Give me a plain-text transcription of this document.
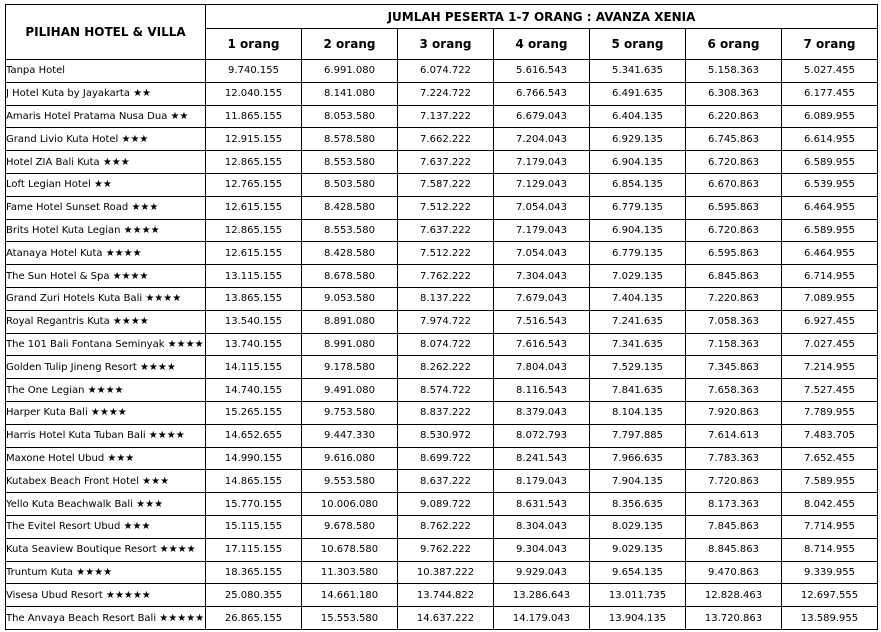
PILIHAN HOTEL & VILLA	JUMLAH PESERTA 1-7 ORANG : AVANZA XENIA						
	1 orang	2 orang	3 orang	4 orang	5 orang	6 orang	7 orang
Tanpa Hotel	9.740.155	6.991.080	6.074.722	5.616.543	5.341.635	5.158.363	5.027.455
J Hotel Kuta by Jayakarta ★★	12.040.155	8.141.080	7.224.722	6.766.543	6.491.635	6.308.363	6.177.455
Amaris Hotel Pratama Nusa Dua ★★	11.865.155	8.053.580	7.137.222	6.679.043	6.404.135	6.220.863	6.089.955
Grand Livio Kuta Hotel ★★★	12.915.155	8.578.580	7.662.222	7.204.043	6.929.135	6.745.863	6.614.955
Hotel ZIA Bali Kuta ★★★	12.865.155	8.553.580	7.637.222	7.179.043	6.904.135	6.720.863	6.589.955
Loft Legian Hotel ★★	12.765.155	8.503.580	7.587.222	7.129.043	6.854.135	6.670.863	6.539.955
Fame Hotel Sunset Road ★★★	12.615.155	8.428.580	7.512.222	7.054.043	6.779.135	6.595.863	6.464.955
Brits Hotel Kuta Legian ★★★★	12.865.155	8.553.580	7.637.222	7.179.043	6.904.135	6.720.863	6.589.955
Atanaya Hotel Kuta ★★★★	12.615.155	8.428.580	7.512.222	7.054.043	6.779.135	6.595.863	6.464.955
The Sun Hotel & Spa ★★★★	13.115.155	8.678.580	7.762.222	7.304.043	7.029.135	6.845.863	6.714.955
Grand Zuri Hotels Kuta Bali ★★★★	13.865.155	9.053.580	8.137.222	7.679.043	7.404.135	7.220.863	7.089.955
Royal Regantris Kuta ★★★★	13.540.155	8.891.080	7.974.722	7.516.543	7.241.635	7.058.363	6.927.455
The 101 Bali Fontana Seminyak ★★★★	13.740.155	8.991.080	8.074.722	7.616.543	7.341.635	7.158.363	7.027.455
Golden Tulip Jineng Resort ★★★★	14.115.155	9.178.580	8.262.222	7.804.043	7.529.135	7.345.863	7.214.955
The One Legian ★★★★	14.740.155	9.491.080	8.574.722	8.116.543	7.841.635	7.658.363	7.527.455
Harper Kuta Bali ★★★★	15.265.155	9.753.580	8.837.222	8.379.043	8.104.135	7.920.863	7.789.955
Harris Hotel Kuta Tuban Bali ★★★★	14.652.655	9.447.330	8.530.972	8.072.793	7.797.885	7.614.613	7.483.705
Maxone Hotel Ubud ★★★	14.990.155	9.616.080	8.699.722	8.241.543	7.966.635	7.783.363	7.652.455
Kutabex Beach Front Hotel ★★★	14.865.155	9.553.580	8.637.222	8.179.043	7.904.135	7.720.863	7.589.955
Yello Kuta Beachwalk Bali ★★★	15.770.155	10.006.080	9.089.722	8.631.543	8.356.635	8.173.363	8.042.455
The Evitel Resort Ubud ★★★	15.115.155	9.678.580	8.762.222	8.304.043	8.029.135	7.845.863	7.714.955
Kuta Seaview Boutique Resort ★★★★	17.115.155	10.678.580	9.762.222	9.304.043	9.029.135	8.845.863	8.714.955
Truntum Kuta ★★★★	18.365.155	11.303.580	10.387.222	9.929.043	9.654.135	9.470.863	9.339.955
Visesa Ubud Resort ★★★★★	25.080.355	14.661.180	13.744.822	13.286.643	13.011.735	12.828.463	12.697.555
The Anvaya Beach Resort Bali ★★★★★	26.865.155	15.553.580	14.637.222	14.179.043	13.904.135	13.720.863	13.589.955
